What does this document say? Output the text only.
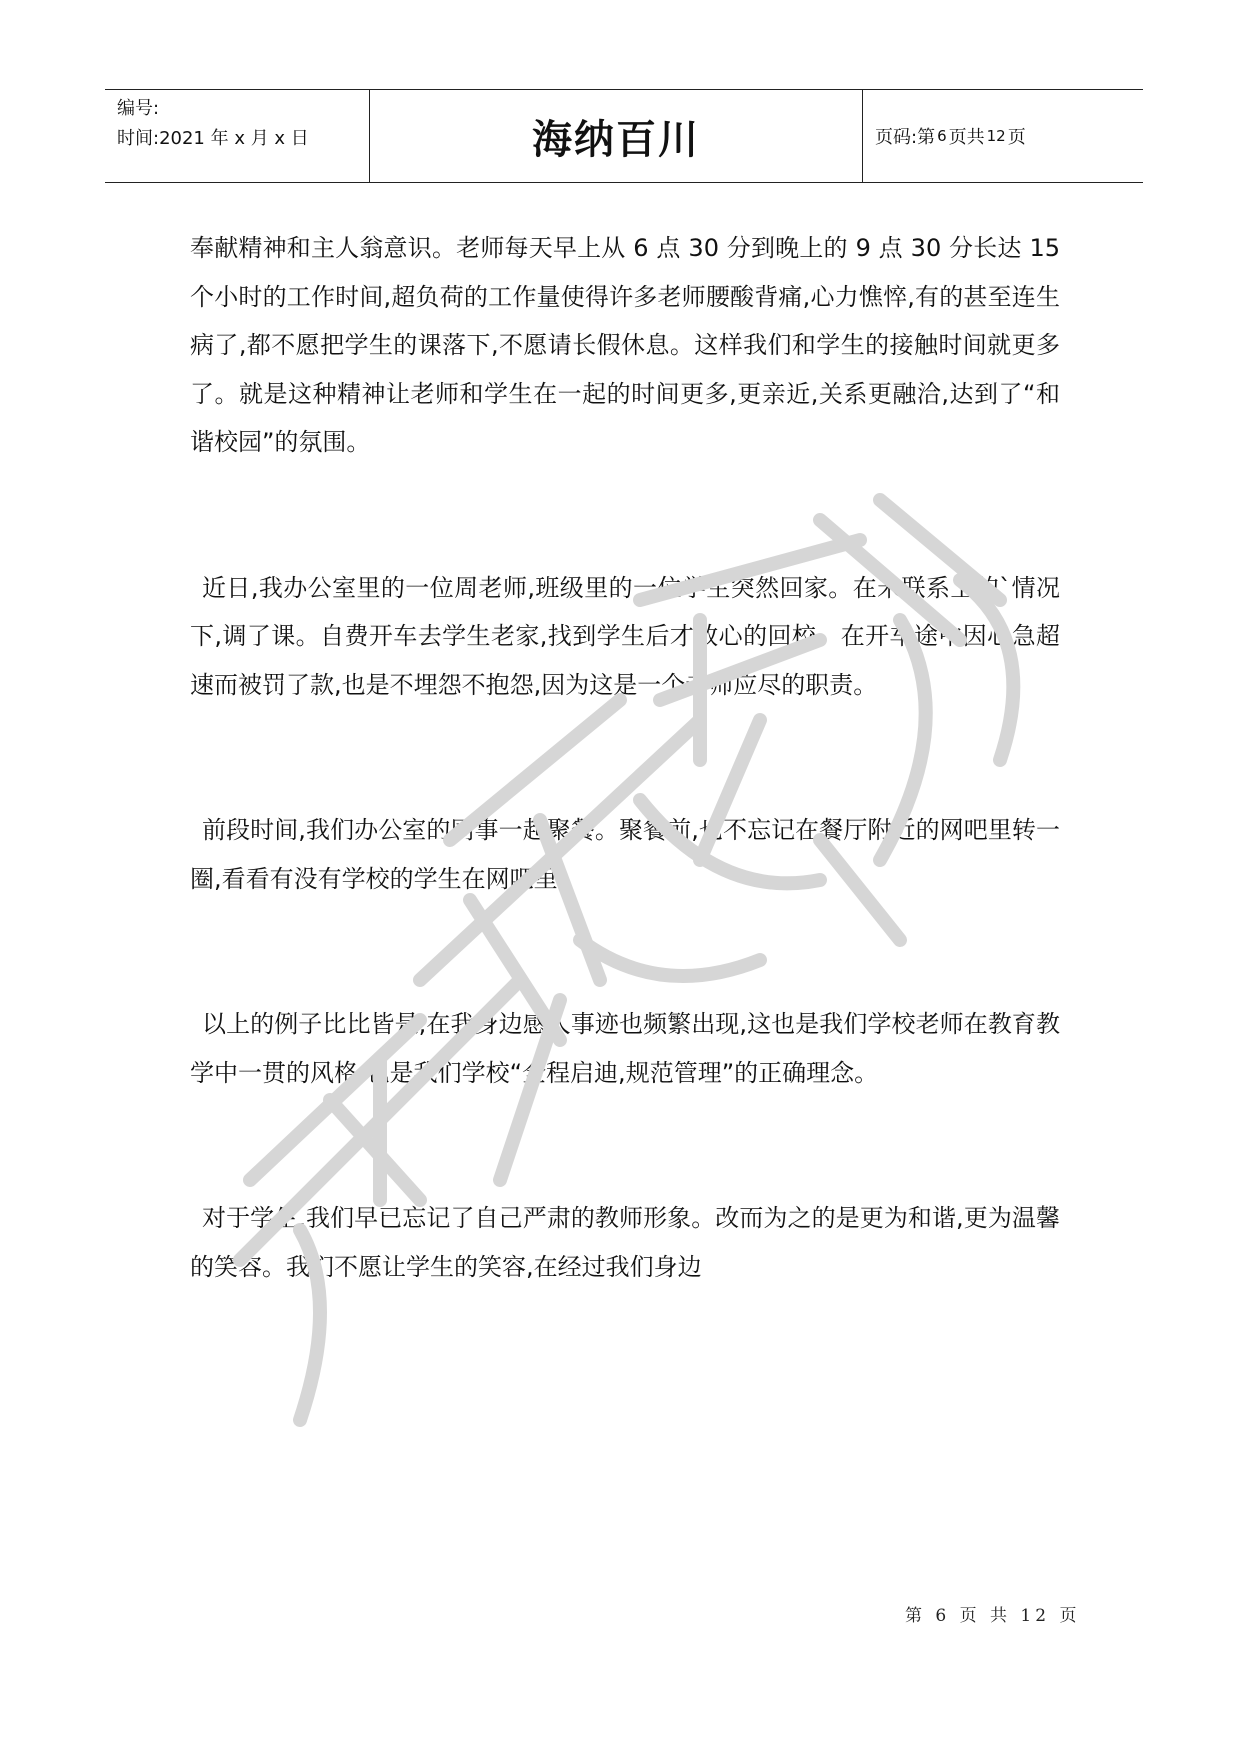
编号:
时间:2021 年 x 月 x 日	海纳百川	页码:第 6 页共 12 页

奉献精神和主人翁意识。老师每天早上从 6 点 30 分到晚上的 9 点 30 分长达 15 个小时的工作时间,超负荷的工作量使得许多老师腰酸背痛,心力憔悴,有的甚至连生病了,都不愿把学生的课落下,不愿请长假休息。这样我们和学生的接触时间就更多了。就是这种精神让老师和学生在一起的时间更多,更亲近,关系更融洽,达到了“和谐校园”的氛围。

近日,我办公室里的一位周老师,班级里的一位学生突然回家。在未联系上的`情况下,调了课。自费开车去学生老家,找到学生后才放心的回校。在开车途中因心急超速而被罚了款,也是不埋怨不抱怨,因为这是一个老师应尽的职责。

前段时间,我们办公室的同事一起聚餐。聚餐前,也不忘记在餐厅附近的网吧里转一圈,看看有没有学校的学生在网吧里。

以上的例子比比皆是,在我身边感人事迹也频繁出现,这也是我们学校老师在教育教学中一贯的风格,也是我们学校“全程启迪,规范管理”的正确理念。

对于学生,我们早已忘记了自己严肃的教师形象。改而为之的是更为和谐,更为温馨的笑容。我们不愿让学生的笑容,在经过我们身边

第 6 页 共 12 页
